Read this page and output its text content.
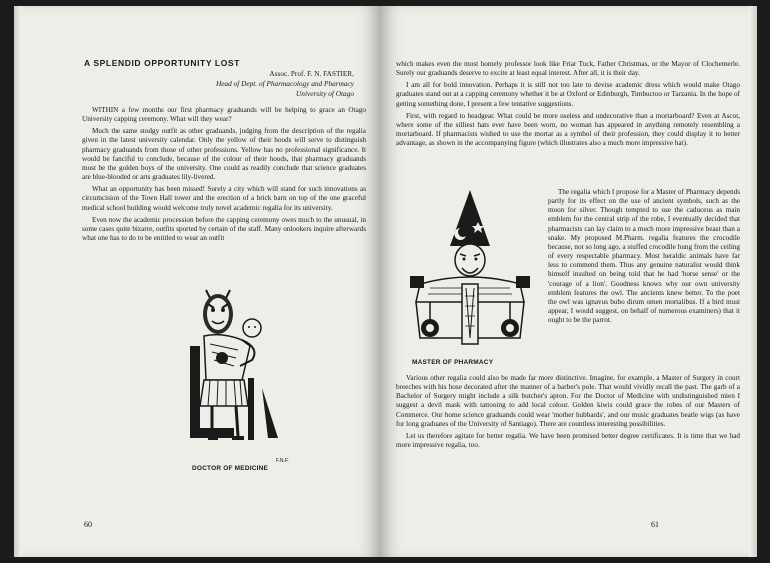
A SPLENDID OPPORTUNITY LOST
Assoc. Prof. F. N. FASTIER,
Head of Dept. of Pharmacology and Pharmacy
University of Otago

WITHIN a few months our first pharmacy graduands will be helping to grace an Otago University capping ceremony. What will they wear?

Much the same stodgy outfit as other graduands, judging from the description of the regalia given in the latest university calendar. Only the yellow of their hoods will serve to distinguish pharmacy graduands from those of other professions. Yellow has no professional significance. It would be fanciful to conclude, because of the colour of their hoods, that pharmacy graduands must be the golden boys of the university. One could as readily conclude that science graduates are blue-blooded or arts graduates lily-livered.

What an opportunity has been missed! Surely a city which will stand for such innovations as circumcision of the Town Hall tower and the erection of a brick barn on top of the one graceful medical school building would welcome truly novel academic regalia for its university.

Even now the academic procession before the capping ceremony owes much to the unusual, in some cases quite bizarre, outfits sported by certain of the staff. Many onlookers inquire afterwards what one has to do to be entitled to wear an outfit

F.N.F.
DOCTOR OF MEDICINE
60

which makes even the most homely professor look like Friar Tuck, Father Christmas, or the Mayor of Clochemerle. Surely our graduands deserve to excite at least equal interest. After all, it is their day.

I am all for bold innovation. Perhaps it is still not too late to devise academic dress which would make Otago graduates stand out at a capping ceremony whether it be at Oxford or Edinburgh, Timbuctoo or Tarzania. In the hope of getting something done, I present a few tentative suggestions.

First, with regard to headgear. What could be more useless and undecorative than a mortarboard? Even at Ascot, where some of the silliest hats ever have been worn, no woman has appeared in anything remotely resembling a mortarboard. If pharmacists wished to use the mortar as a symbol of their profession, they could display it to better advantage, as shown in the accompanying figure (which illustrates also a much more impressive hat).

MASTER OF PHARMACY

The regalia which I propose for a Master of Pharmacy depends partly for its effect on the use of ancient symbols, such as the moon for silver. Though tempted to use the caduceus as main emblem for the central strip of the robe, I eventually decided that pharmacists can lay claim to a much more impressive beast than a snake. My proposed M.Pharm. regalia features the crocodile because, not so long ago, a stuffed crocodile hung from the ceiling of every respectable pharmacy. Most heraldic animals have far less to commend them. Thus any genuine naturalist would think himself insulted on being told that he had 'horse sense' or the 'courage of a lion'. Goodness knows why our own university emblem features the owl. The ancients knew better. To the poet the owl was ignavus bubo dirum omen mortalibus. If a bird must appear, I would suggest, on behalf of numerous examiners) that it ought to be the parrot.

Various other regalia could also be made far more distinctive. Imagine, for example, a Master of Surgery in court breeches with his hose decorated after the manner of a barber's pole. That would vividly recall the past. The garb of a Bachelor of Surgery might include a silk butcher's apron. For the Doctor of Medicine with undistinguished mien I suggest a devil mask with tattooing to add local colour. Golden kiwis could grace the robes of our Masters of Commerce. Our home science graduands could wear 'mother hubbards', and our music graduates beatle wigs (as have for long graduates of the University of Santiago). There are countless interesting possibilities.

Let us therefore agitate for better regalia. We have been promised better degree certificates. It is time that we had more impressive regalia, too.

61
